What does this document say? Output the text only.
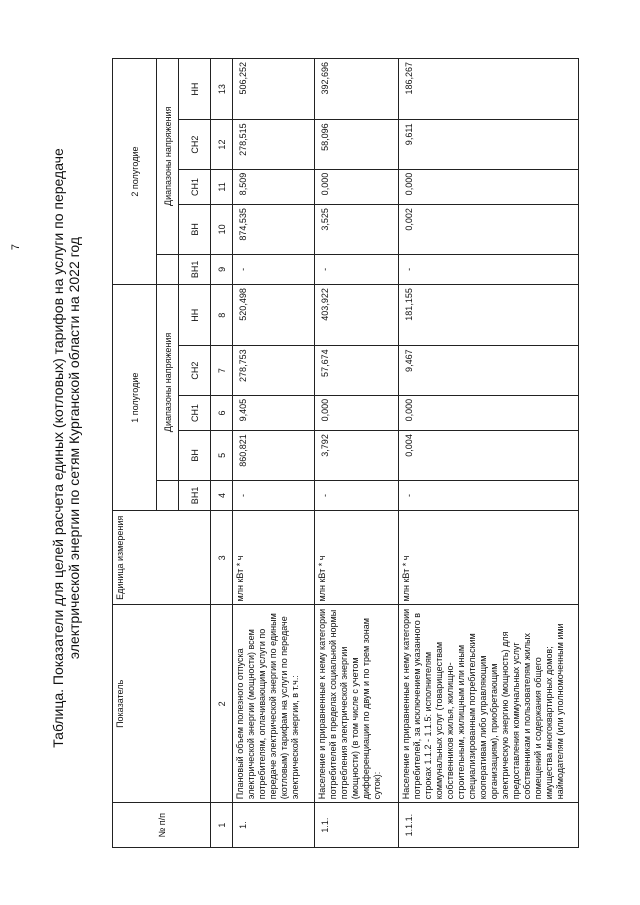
7 Таблица. Показатели для целей расчета единых (котловых) тарифов на услуги по передаче электрической энергии по сетям Курганской области на 2022 год
№ п/п	Показатель	Единица измерения	1 полугодие					2 полугодие				
				Диапазоны напряжения					Диапазоны напряжения			
			ВН1	ВН	СН1	СН2	НН	ВН1	ВН	СН1	СН2	НН
1	2	3	4	5	6	7	8	9	10	11	12	13
1.	Плановый объем полезного отпуска электрической энергии (мощности) всем потребителям, оплачивающим услуги по передаче электрической энергии по единым (котловым) тарифам на услуги по передаче электрической энергии, в т.ч.:	млн кВт * ч	-	860,821	9,405	278,753	520,498	-	874,535	8,509	278,515	506,252
1.1.	Население и приравненные к нему категории потребителей в пределах социальной нормы потребления электрической энергии (мощности) (в том числе с учетом дифференциации по двум и по трем зонам суток):	млн кВт * ч	-	3,792	0,000	57,674	403,922	-	3,525	0,000	58,096	392,696
1.1.1.	Население и приравненные к нему категории потребителей, за исключением указанного в строках 1.1.2 - 1.1.5: исполнителям коммунальных услуг (товариществам собственников жилья, жилищно-строительным, жилищным или иным специализированным потребительским кооперативам либо управляющим организациям), приобретающим электрическую энергию (мощность) для предоставления коммунальных услуг собственникам и пользователям жилых помещений и содержания общего имущества многоквартирных домов; наймодателям (или уполномоченным ими	млн кВт * ч	-	0,004	0,000	9,467	181,155	-	0,002	0,000	9,611	186,267
